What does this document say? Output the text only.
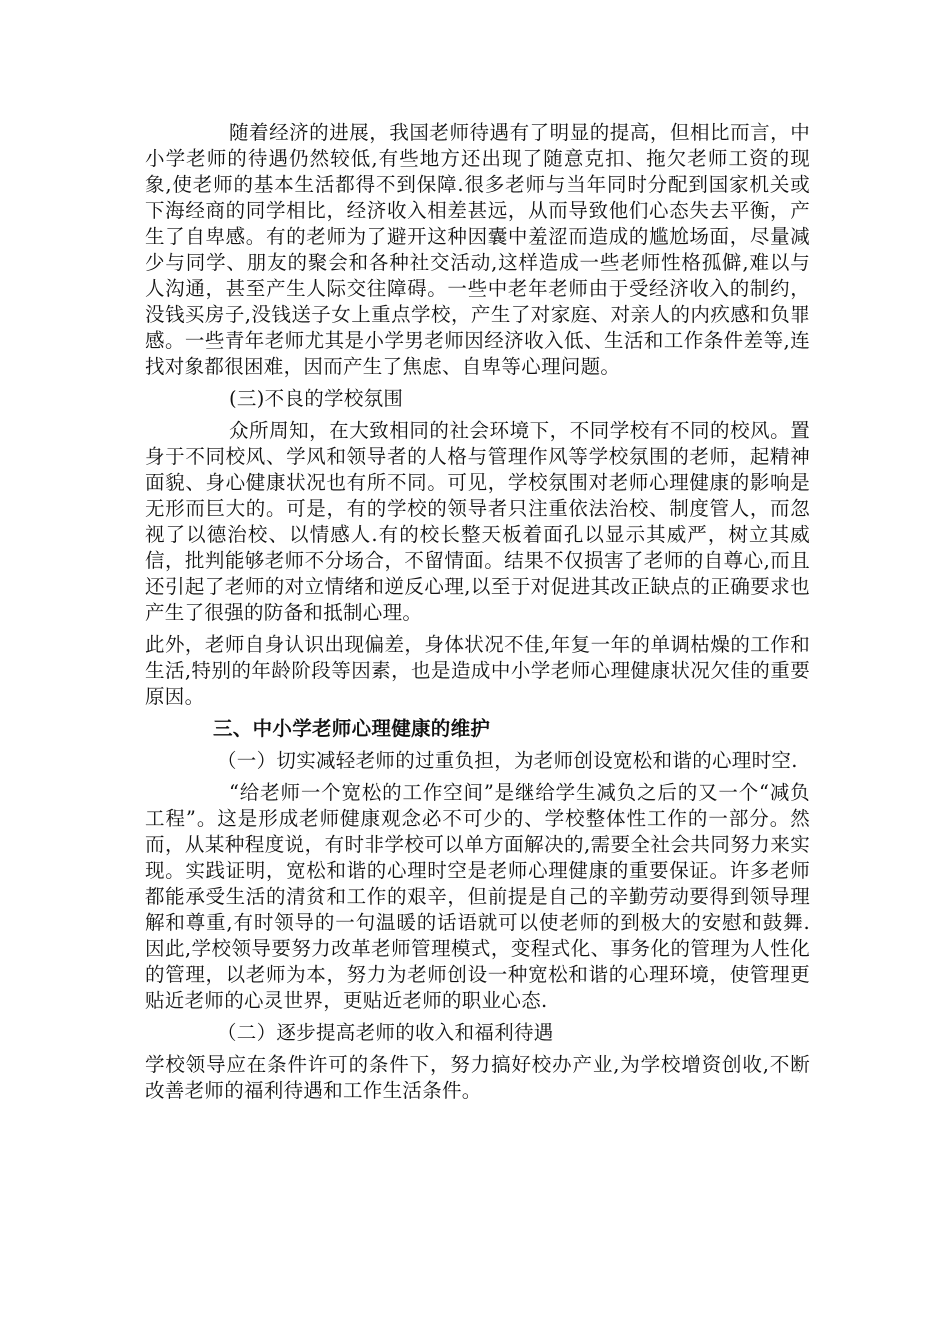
随着经济的进展，我国老师待遇有了明显的提高，但相比而言，中小学老师的待遇仍然较低,有些地方还出现了随意克扣、拖欠老师工资的现象,使老师的基本生活都得不到保障.很多老师与当年同时分配到国家机关或下海经商的同学相比，经济收入相差甚远，从而导致他们心态失去平衡，产生了自卑感。有的老师为了避开这种因囊中羞涩而造成的尴尬场面，尽量减少与同学、朋友的聚会和各种社交活动,这样造成一些老师性格孤僻,难以与人沟通，甚至产生人际交往障碍。一些中老年老师由于受经济收入的制约，没钱买房子,没钱送子女上重点学校，产生了对家庭、对亲人的内疚感和负罪感。一些青年老师尤其是小学男老师因经济收入低、生活和工作条件差等,连找对象都很困难，因而产生了焦虑、自卑等心理问题。

(三)不良的学校氛围

众所周知，在大致相同的社会环境下，不同学校有不同的校风。置身于不同校风、学风和领导者的人格与管理作风等学校氛围的老师，起精神面貌、身心健康状况也有所不同。可见，学校氛围对老师心理健康的影响是无形而巨大的。可是，有的学校的领导者只注重依法治校、制度管人，而忽视了以德治校、以情感人.有的校长整天板着面孔以显示其威严，树立其威信，批判能够老师不分场合，不留情面。结果不仅损害了老师的自尊心,而且还引起了老师的对立情绪和逆反心理,以至于对促进其改正缺点的正确要求也产生了很强的防备和抵制心理。

此外，老师自身认识出现偏差，身体状况不佳,年复一年的单调枯燥的工作和生活,特别的年龄阶段等因素，也是造成中小学老师心理健康状况欠佳的重要原因。

三、中小学老师心理健康的维护

（一）切实减轻老师的过重负担，为老师创设宽松和谐的心理时空.

“给老师一个宽松的工作空间”是继给学生减负之后的又一个“减负工程”。这是形成老师健康观念必不可少的、学校整体性工作的一部分。然而，从某种程度说，有时非学校可以单方面解决的,需要全社会共同努力来实现。实践证明，宽松和谐的心理时空是老师心理健康的重要保证。许多老师都能承受生活的清贫和工作的艰辛，但前提是自己的辛勤劳动要得到领导理解和尊重,有时领导的一句温暖的话语就可以使老师的到极大的安慰和鼓舞.因此,学校领导要努力改革老师管理模式，变程式化、事务化的管理为人性化的管理，以老师为本，努力为老师创设一种宽松和谐的心理环境，使管理更贴近老师的心灵世界，更贴近老师的职业心态.

（二）逐步提高老师的收入和福利待遇

学校领导应在条件许可的条件下，努力搞好校办产业,为学校增资创收,不断改善老师的福利待遇和工作生活条件。
